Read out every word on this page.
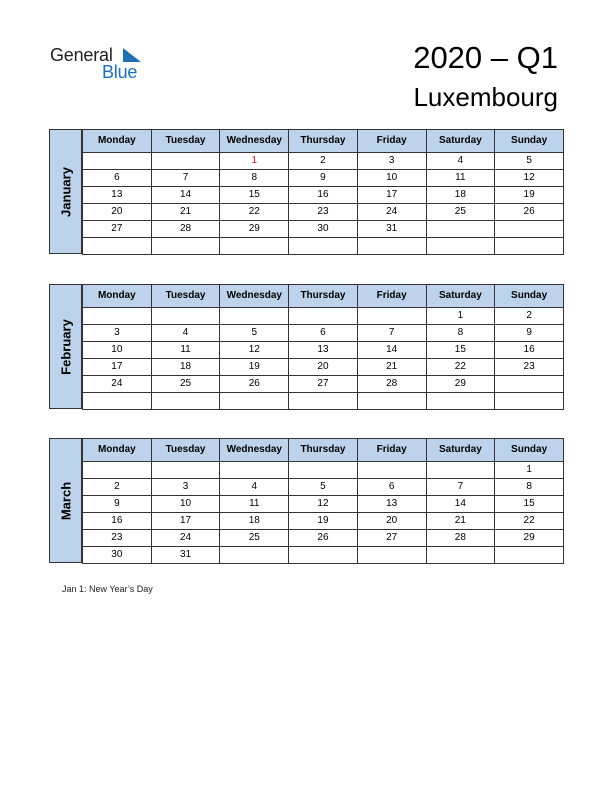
General
Blue	2020 – Q1
Luxembourg
January
Monday	Tuesday	Wednesday	Thursday	Friday	Saturday	Sunday
		1	2	3	4	5
6	7	8	9	10	11	12
13	14	15	16	17	18	19
20	21	22	23	24	25	26
27	28	29	30	31		

February
Monday	Tuesday	Wednesday	Thursday	Friday	Saturday	Sunday
					1	2
3	4	5	6	7	8	9
10	11	12	13	14	15	16
17	18	19	20	21	22	23
24	25	26	27	28	29	

March
Monday	Tuesday	Wednesday	Thursday	Friday	Saturday	Sunday
						1
2	3	4	5	6	7	8
9	10	11	12	13	14	15
16	17	18	19	20	21	22
23	24	25	26	27	28	29
30	31					
Jan 1: New Year’s Day
